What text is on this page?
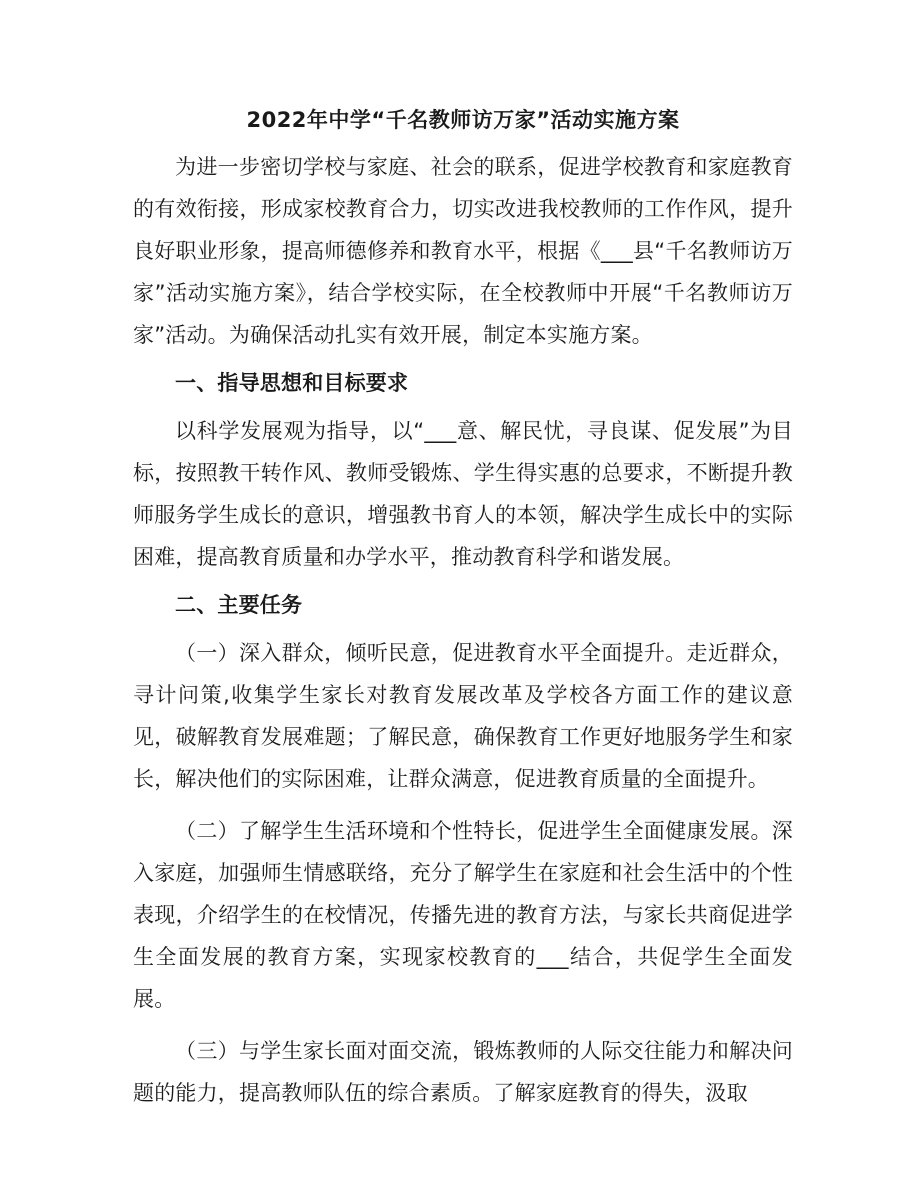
2022年中学“千名教师访万家”活动实施方案

为进一步密切学校与家庭、社会的联系，促进学校教育和家庭教育的有效衔接，形成家校教育合力，切实改进我校教师的工作作风，提升良好职业形象，提高师德修养和教育水平，根据《___县“千名教师访万家”活动实施方案》，结合学校实际，在全校教师中开展“千名教师访万家”活动。为确保活动扎实有效开展，制定本实施方案。

一、指导思想和目标要求

以科学发展观为指导，以“___意、解民忧，寻良谋、促发展”为目标，按照教干转作风、教师受锻炼、学生得实惠的总要求，不断提升教师服务学生成长的意识，增强教书育人的本领，解决学生成长中的实际困难，提高教育质量和办学水平，推动教育科学和谐发展。

二、主要任务

（一）深入群众，倾听民意，促进教育水平全面提升。走近群众，寻计问策,收集学生家长对教育发展改革及学校各方面工作的建议意见，破解教育发展难题；了解民意，确保教育工作更好地服务学生和家长，解决他们的实际困难，让群众满意，促进教育质量的全面提升。

（二）了解学生生活环境和个性特长，促进学生全面健康发展。深入家庭，加强师生情感联络，充分了解学生在家庭和社会生活中的个性表现，介绍学生的在校情况，传播先进的教育方法，与家长共商促进学生全面发展的教育方案，实现家校教育的___结合，共促学生全面发展。

（三）与学生家长面对面交流，锻炼教师的人际交往能力和解决问题的能力，提高教师队伍的综合素质。了解家庭教育的得失，汲取
